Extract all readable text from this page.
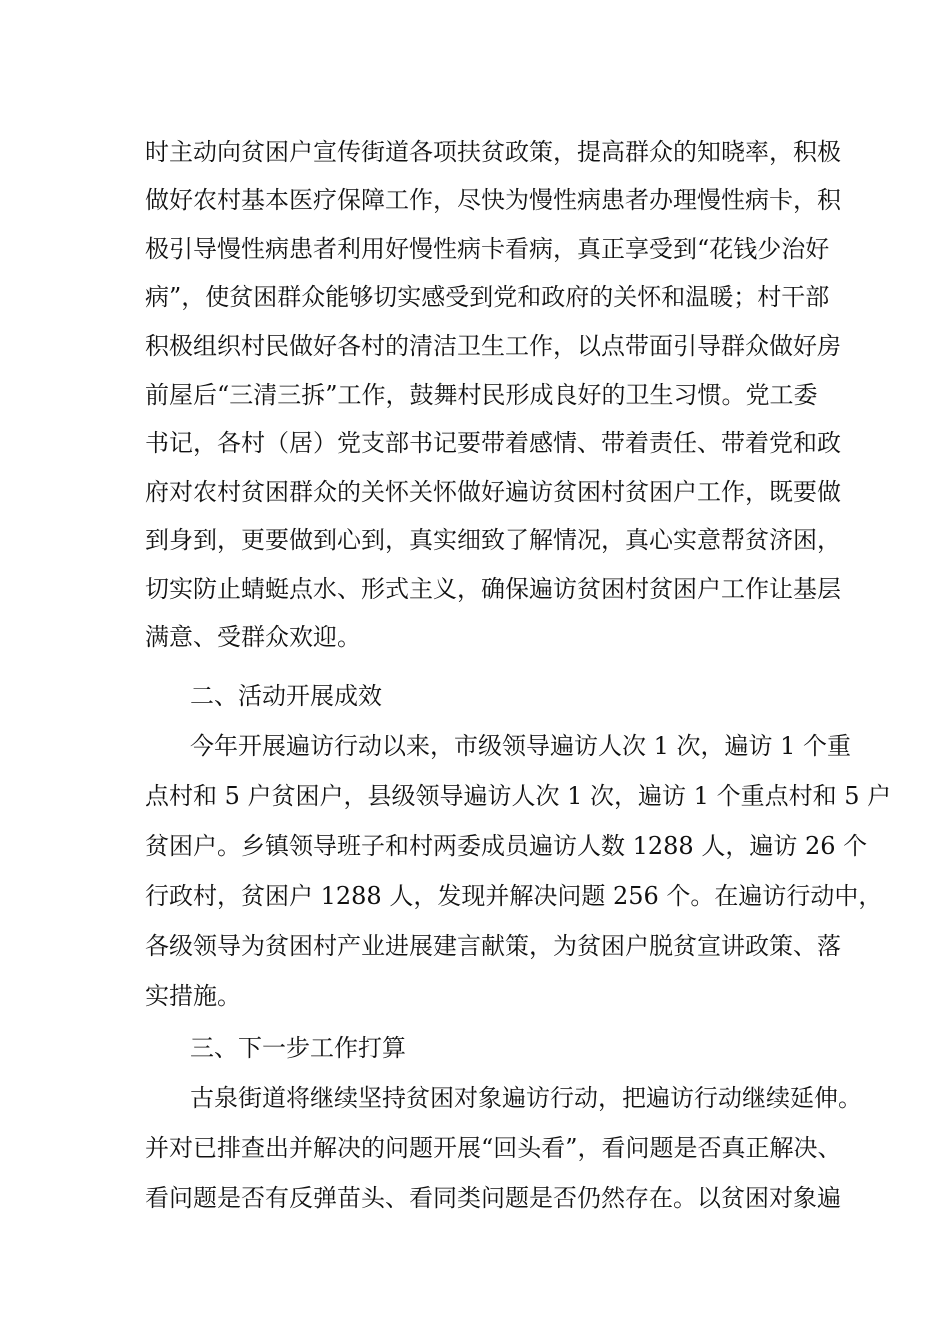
时主动向贫困户宣传街道各项扶贫政策，提高群众的知晓率，积极
做好农村基本医疗保障工作，尽快为慢性病患者办理慢性病卡，积
极引导慢性病患者利用好慢性病卡看病，真正享受到“花钱少治好
病”，使贫困群众能够切实感受到党和政府的关怀和温暖；村干部
积极组织村民做好各村的清洁卫生工作，以点带面引导群众做好房
前屋后“三清三拆”工作，鼓舞村民形成良好的卫生习惯。党工委
书记，各村（居）党支部书记要带着感情、带着责任、带着党和政
府对农村贫困群众的关怀关怀做好遍访贫困村贫困户工作，既要做
到身到，更要做到心到，真实细致了解情况，真心实意帮贫济困，
切实防止蜻蜓点水、形式主义，确保遍访贫困村贫困户工作让基层
满意、受群众欢迎。
二、活动开展成效
今年开展遍访行动以来，市级领导遍访人次 1 次，遍访 1 个重
点村和 5 户贫困户，县级领导遍访人次 1 次，遍访 1 个重点村和 5 户
贫困户。乡镇领导班子和村两委成员遍访人数 1288 人，遍访 26 个
行政村，贫困户 1288 人，发现并解决问题 256 个。在遍访行动中，
各级领导为贫困村产业进展建言献策，为贫困户脱贫宣讲政策、落
实措施。
三、下一步工作打算
古泉街道将继续坚持贫困对象遍访行动，把遍访行动继续延伸。
并对已排查出并解决的问题开展“回头看”，看问题是否真正解决、
看问题是否有反弹苗头、看同类问题是否仍然存在。以贫困对象遍
